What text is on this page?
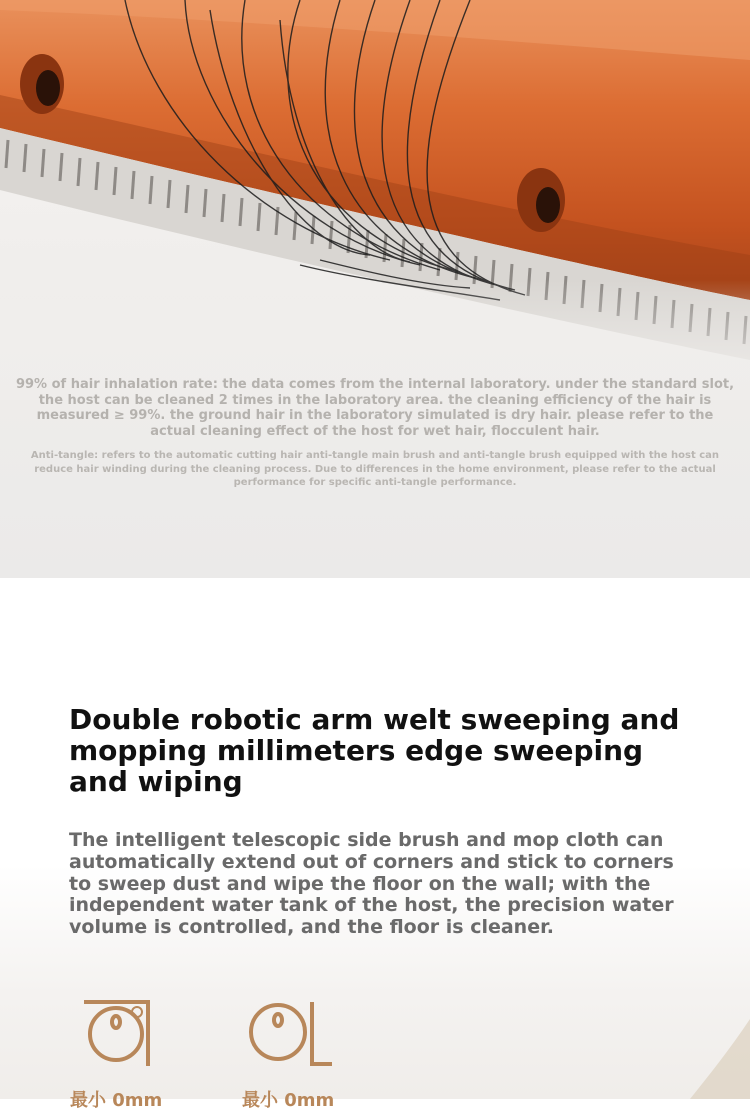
99% of hair inhalation rate: the data comes from the internal laboratory. under the standard slot, the host can be cleaned 2 times in the laboratory area. the cleaning efficiency of the hair is measured ≥ 99%. the ground hair in the laboratory simulated is dry hair. please refer to the actual cleaning effect of the host for wet hair, flocculent hair.

Anti-tangle: refers to the automatic cutting hair anti-tangle main brush and anti-tangle brush equipped with the host can reduce hair winding during the cleaning process. Due to differences in the home environment, please refer to the actual performance for specific anti-tangle performance.

Double robotic arm welt sweeping and mopping millimeters edge sweeping and wiping

The intelligent telescopic side brush and mop cloth can automatically extend out of corners and stick to corners to sweep dust and wipe the floor on the wall; with the independent water tank of the host, the precision water volume is controlled, and the floor is cleaner.

最小 0mm	最小 0mm
